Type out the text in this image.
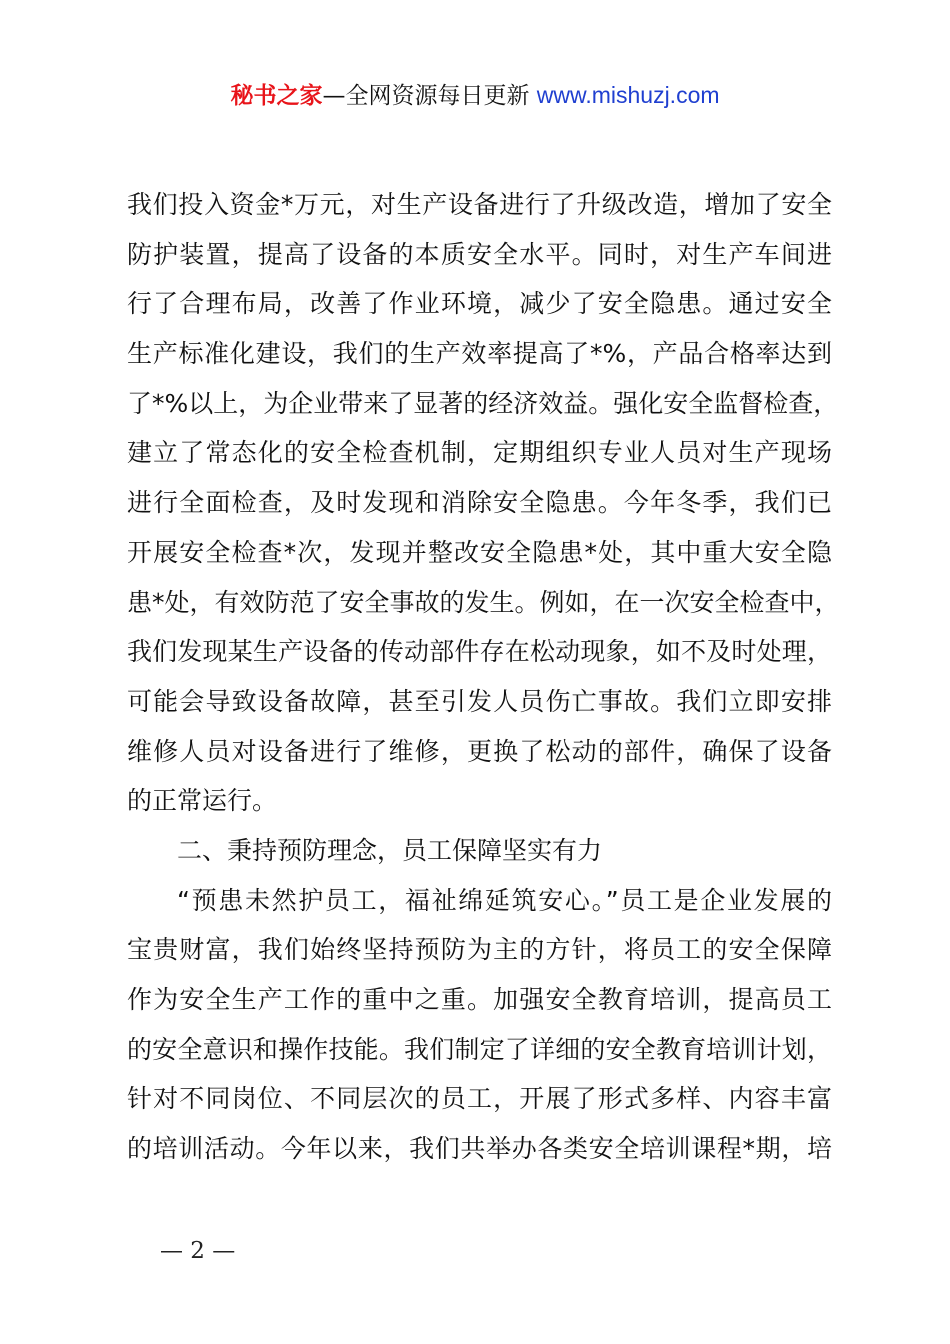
秘书之家—全网资源每日更新 www.mishuzj.com
我们投入资金*万元，对生产设备进行了升级改造，增加了安全
防护装置，提高了设备的本质安全水平。同时，对生产车间进
行了合理布局，改善了作业环境，减少了安全隐患。通过安全
生产标准化建设，我们的生产效率提高了*%，产品合格率达到
了*%以上，为企业带来了显著的经济效益。强化安全监督检查，
建立了常态化的安全检查机制，定期组织专业人员对生产现场
进行全面检查，及时发现和消除安全隐患。今年冬季，我们已
开展安全检查*次，发现并整改安全隐患*处，其中重大安全隐
患*处，有效防范了安全事故的发生。例如，在一次安全检查中，
我们发现某生产设备的传动部件存在松动现象，如不及时处理，
可能会导致设备故障，甚至引发人员伤亡事故。我们立即安排
维修人员对设备进行了维修，更换了松动的部件，确保了设备
的正常运行。
二、秉持预防理念，员工保障坚实有力
“预患未然护员工，福祉绵延筑安心。”员工是企业发展的
宝贵财富，我们始终坚持预防为主的方针，将员工的安全保障
作为安全生产工作的重中之重。加强安全教育培训，提高员工
的安全意识和操作技能。我们制定了详细的安全教育培训计划，
针对不同岗位、不同层次的员工，开展了形式多样、内容丰富
的培训活动。今年以来，我们共举办各类安全培训课程*期，培
— 2 —
